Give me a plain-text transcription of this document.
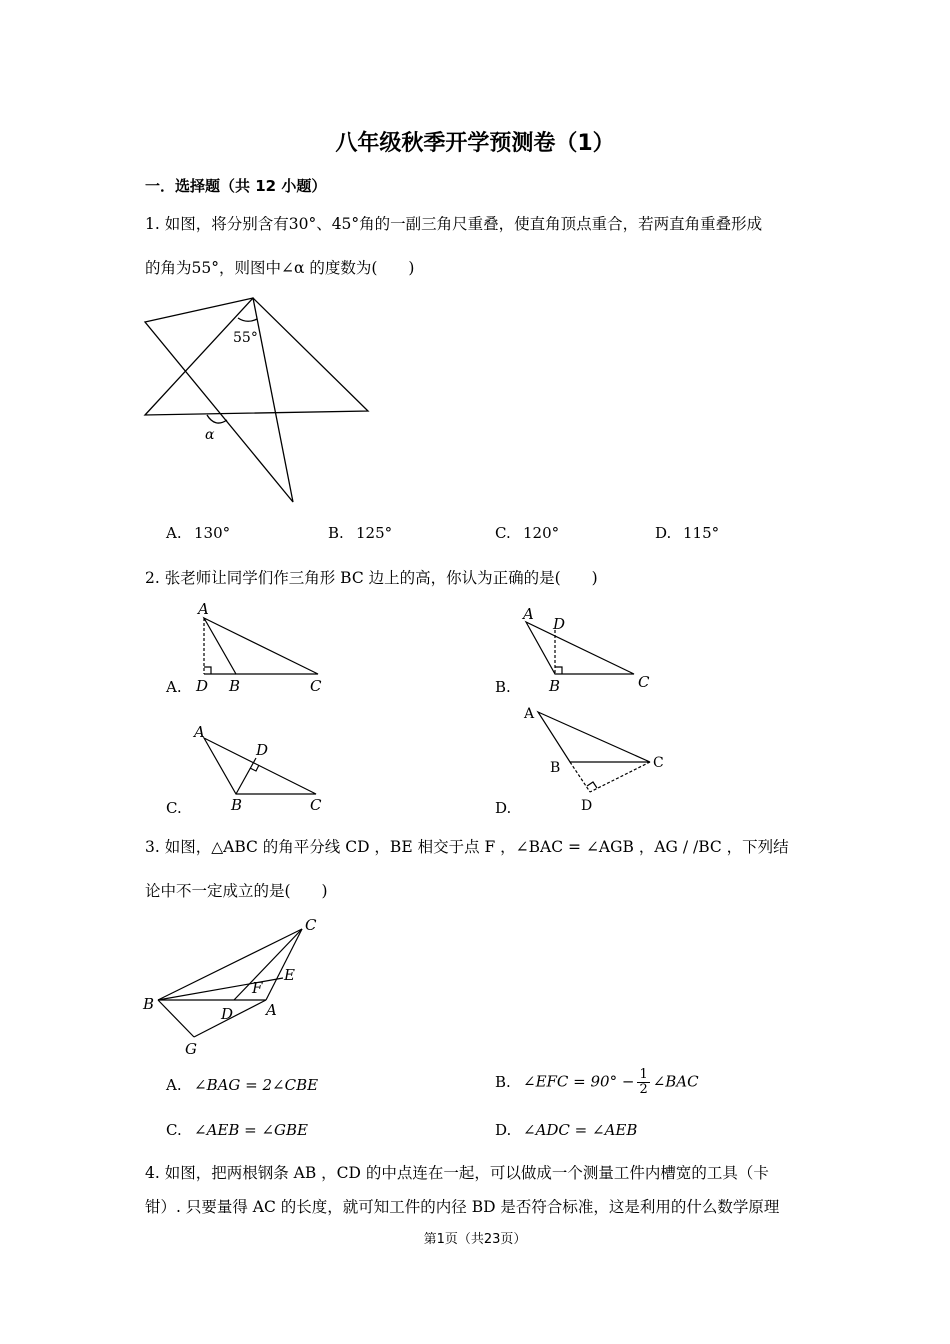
八年级秋季开学预测卷（1）
一．选择题（共 12 小题）
1. 如图，将分别含有30°、45°角的一副三角尺重叠，使直角顶点重合，若两直角重叠形成
的角为55°，则图中∠α 的度数为(　　)
55°
α
A. 130°	B. 125°	C. 120°	D. 115°
2. 张老师让同学们作三角形 BC 边上的高，你认为正确的是(　　)
A.	B.
C.	D.
A
D B	C
A
D
B	C
A
D
B	C
A
B	C
D
3. 如图，△ABC 的角平分线 CD ，BE 相交于点 F ，∠BAC = ∠AGB ，AG / /BC ，下列结
论中不一定成立的是(　　)
C
E
F
B
D A
G
A. ∠BAG = 2∠CBE	B. ∠EFC = $90^\circ - \frac{1}{2}$ ∠BAC
C. ∠AEB = ∠GBE	D. ∠ADC = ∠AEB
4. 如图，把两根钢条 AB ，CD 的中点连在一起，可以做成一个测量工件内槽宽的工具（卡
钳）. 只要量得 AC 的长度，就可知工件的内径 BD 是否符合标准，这是利用的什么数学原理
第1页（共23页）
